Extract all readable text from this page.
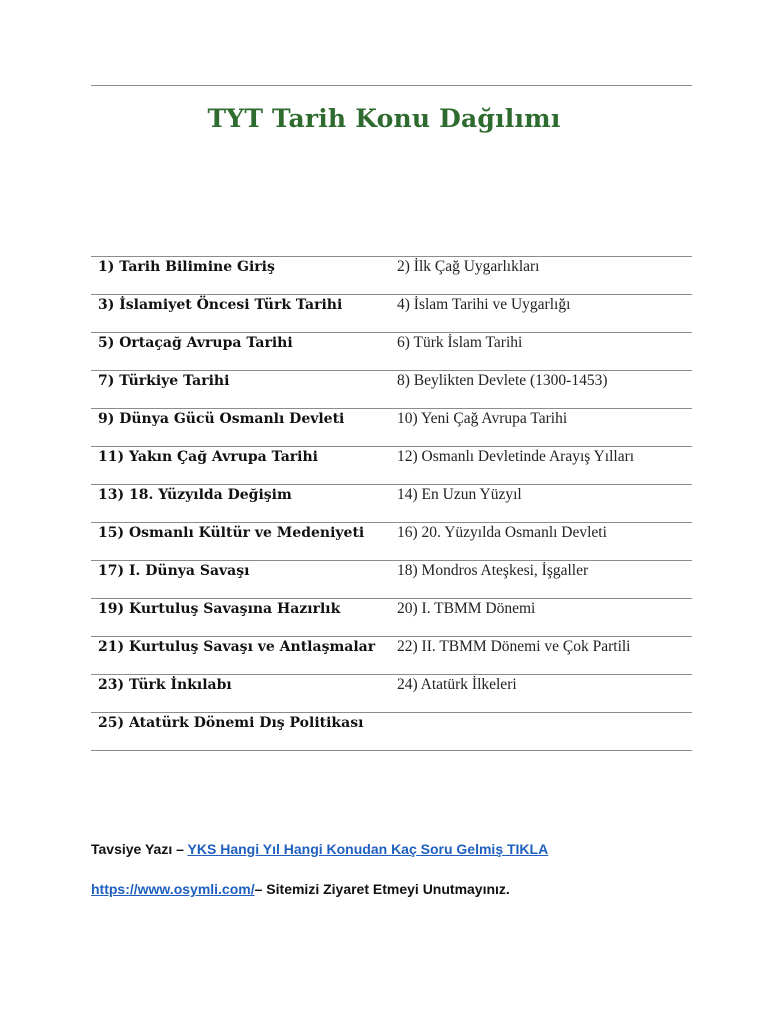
TYT Tarih Konu Dağılımı
1) Tarih Bilimine Giriş	2) İlk Çağ Uygarlıkları
3) İslamiyet Öncesi Türk Tarihi	4) İslam Tarihi ve Uygarlığı
5) Ortaçağ Avrupa Tarihi	6) Türk İslam Tarihi
7) Türkiye Tarihi	8) Beylikten Devlete (1300-1453)
9) Dünya Gücü Osmanlı Devleti	10) Yeni Çağ Avrupa Tarihi
11) Yakın Çağ Avrupa Tarihi	12) Osmanlı Devletinde Arayış Yılları
13) 18. Yüzyılda Değişim	14) En Uzun Yüzyıl
15) Osmanlı Kültür ve Medeniyeti 16) 20. Yüzyılda Osmanlı Devleti
17) I. Dünya Savaşı	18) Mondros Ateşkesi, İşgaller
19) Kurtuluş Savaşına Hazırlık	20) I. TBMM Dönemi
21) Kurtuluş Savaşı ve Antlaşmalar 22) II. TBMM Dönemi ve Çok Partili
23) Türk İnkılabı	24) Atatürk İlkeleri
25) Atatürk Dönemi Dış Politikası
Tavsiye Yazı – YKS Hangi Yıl Hangi Konudan Kaç Soru Gelmiş TIKLA
https://www.osymli.com/– Sitemizi Ziyaret Etmeyi Unutmayınız.
